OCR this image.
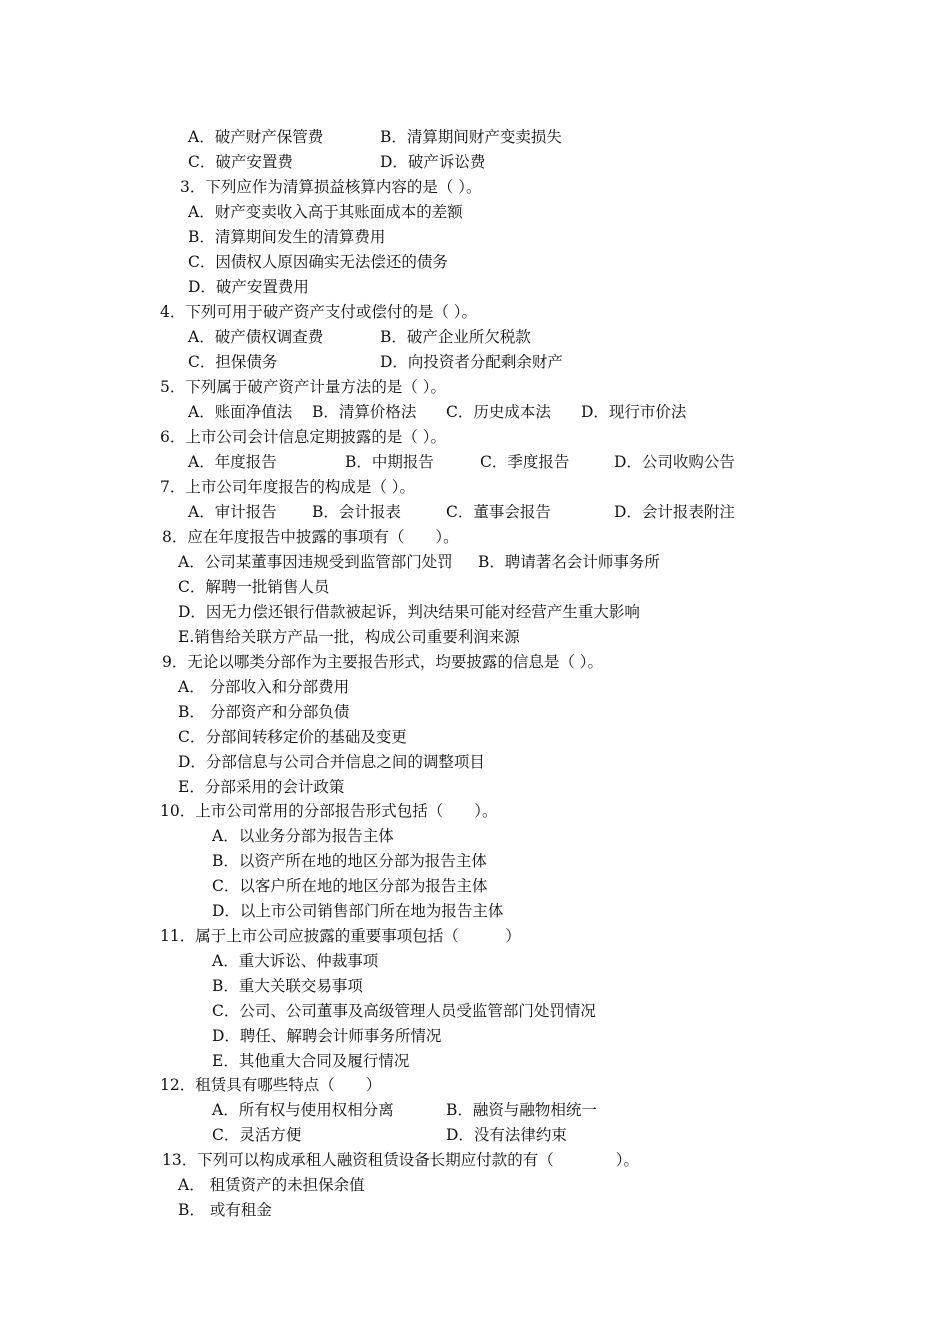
A．破产财产保管费	B．清算期间财产变卖损失
C．破产安置费	D．破产诉讼费
3．下列应作为清算损益核算内容的是（ ）。
A．财产变卖收入高于其账面成本的差额
B．清算期间发生的清算费用
C．因债权人原因确实无法偿还的债务
D．破产安置费用
4．下列可用于破产资产支付或偿付的是（ ）。
A．破产债权调查费	B．破产企业所欠税款
C．担保债务	D．向投资者分配剩余财产
5．下列属于破产资产计量方法的是（ ）。
A．账面净值法 B．清算价格法 C．历史成本法 D．现行市价法
6．上市公司会计信息定期披露的是（ ）。
A．年度报告	B．中期报告	C．季度报告	D．公司收购公告
7．上市公司年度报告的构成是（ ）。
A．审计报告 B．会计报表	C．董事会报告	D．会计报表附注
8．应在年度报告中披露的事项有（　　）。
A．公司某董事因违规受到监管部门处罚 B．聘请著名会计师事务所
C．解聘一批销售人员
D．因无力偿还银行借款被起诉，判决结果可能对经营产生重大影响
E.销售给关联方产品一批，构成公司重要利润来源
9．无论以哪类分部作为主要报告形式，均要披露的信息是（ ）。
A． 分部收入和分部费用
B． 分部资产和分部负债
C．分部间转移定价的基础及变更
D．分部信息与公司合并信息之间的调整项目
E．分部采用的会计政策
10．上市公司常用的分部报告形式包括（　　）。
A．以业务分部为报告主体
B．以资产所在地的地区分部为报告主体
C．以客户所在地的地区分部为报告主体
D．以上市公司销售部门所在地为报告主体
11．属于上市公司应披露的重要事项包括（　　　）
A．重大诉讼、仲裁事项
B．重大关联交易事项
C．公司、公司董事及高级管理人员受监管部门处罚情况
D．聘任、解聘会计师事务所情况
E．其他重大合同及履行情况
12．租赁具有哪些特点（　　）
A．所有权与使用权相分离	B．融资与融物相统一
C．灵活方便	D．没有法律约束
13．下列可以构成承租人融资租赁设备长期应付款的有（　　　　）。
A． 租赁资产的未担保余值
B． 或有租金
